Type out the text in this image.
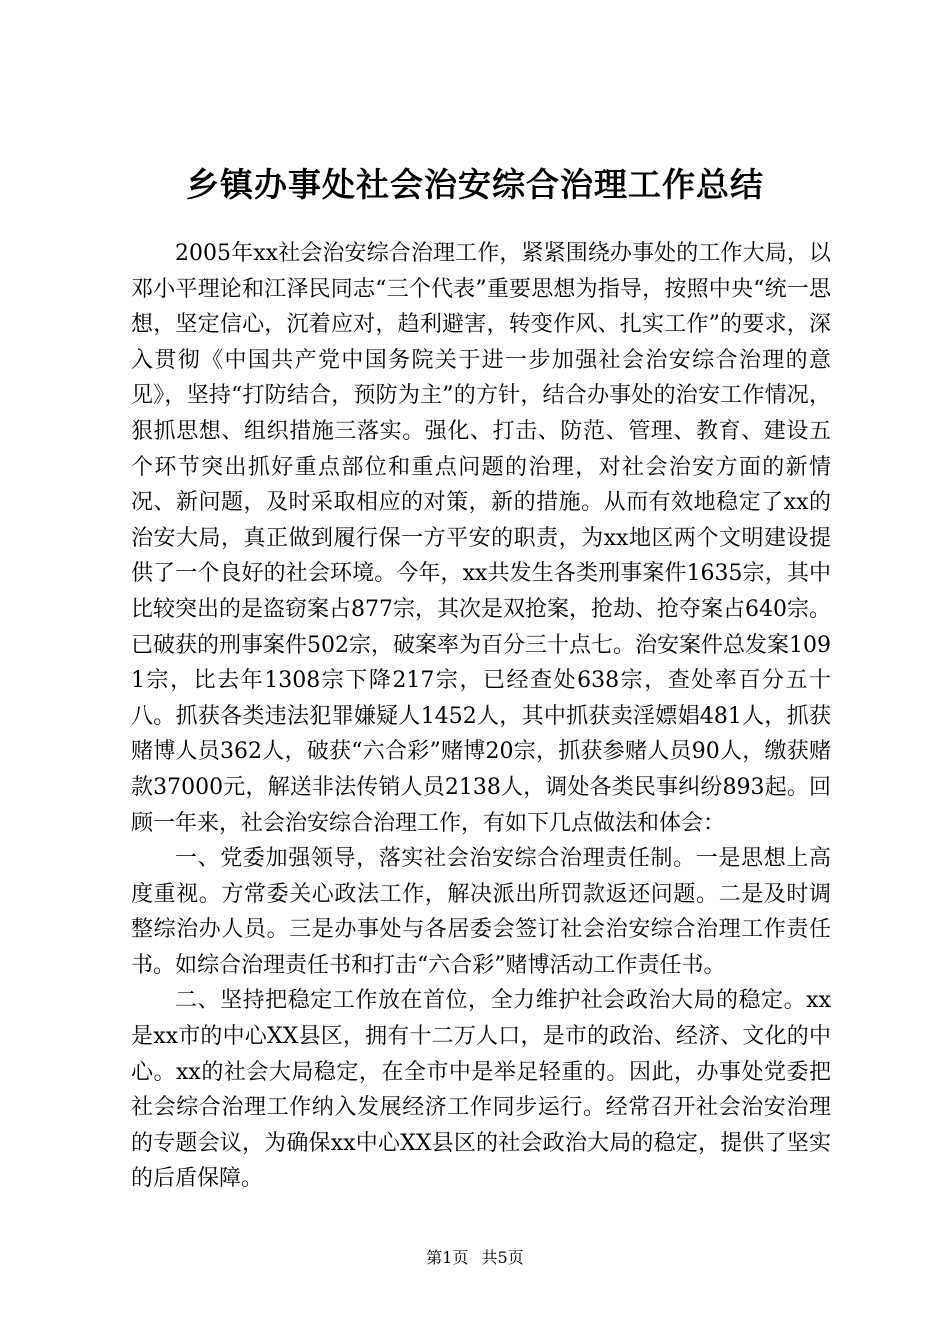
乡镇办事处社会治安综合治理工作总结

2005年xx社会治安综合治理工作，紧紧围绕办事处的工作大局，以邓小平理论和江泽民同志“三个代表”重要思想为指导，按照中央“统一思想，坚定信心，沉着应对，趋利避害，转变作风、扎实工作”的要求，深入贯彻《中国共产党中国务院关于进一步加强社会治安综合治理的意见》，坚持“打防结合，预防为主”的方针，结合办事处的治安工作情况，狠抓思想、组织措施三落实。强化、打击、防范、管理、教育、建设五个环节突出抓好重点部位和重点问题的治理，对社会治安方面的新情况、新问题，及时采取相应的对策，新的措施。从而有效地稳定了xx的治安大局，真正做到履行保一方平安的职责，为xx地区两个文明建设提供了一个良好的社会环境。今年，xx共发生各类刑事案件1635宗，其中比较突出的是盗窃案占877宗，其次是双抢案，抢劫、抢夺案占640宗。已破获的刑事案件502宗，破案率为百分三十点七。治安案件总发案1091宗，比去年1308宗下降217宗，已经查处638宗，查处率百分五十八。抓获各类违法犯罪嫌疑人1452人，其中抓获卖淫嫖娼481人，抓获赌博人员362人，破获“六合彩”赌博20宗，抓获参赌人员90人，缴获赌款37000元，解送非法传销人员2138人，调处各类民事纠纷893起。回顾一年来，社会治安综合治理工作，有如下几点做法和体会：

一、党委加强领导，落实社会治安综合治理责任制。一是思想上高度重视。方常委关心政法工作，解决派出所罚款返还问题。二是及时调整综治办人员。三是办事处与各居委会签订社会治安综合治理工作责任书。如综合治理责任书和打击“六合彩”赌博活动工作责任书。

二、坚持把稳定工作放在首位，全力维护社会政治大局的稳定。xx是xx市的中心XX县区，拥有十二万人口，是市的政治、经济、文化的中心。xx的社会大局稳定，在全市中是举足轻重的。因此，办事处党委把社会综合治理工作纳入发展经济工作同步运行。经常召开社会治安治理的专题会议，为确保xx中心XX县区的社会政治大局的稳定，提供了坚实的后盾保障。

第1页 共5页
